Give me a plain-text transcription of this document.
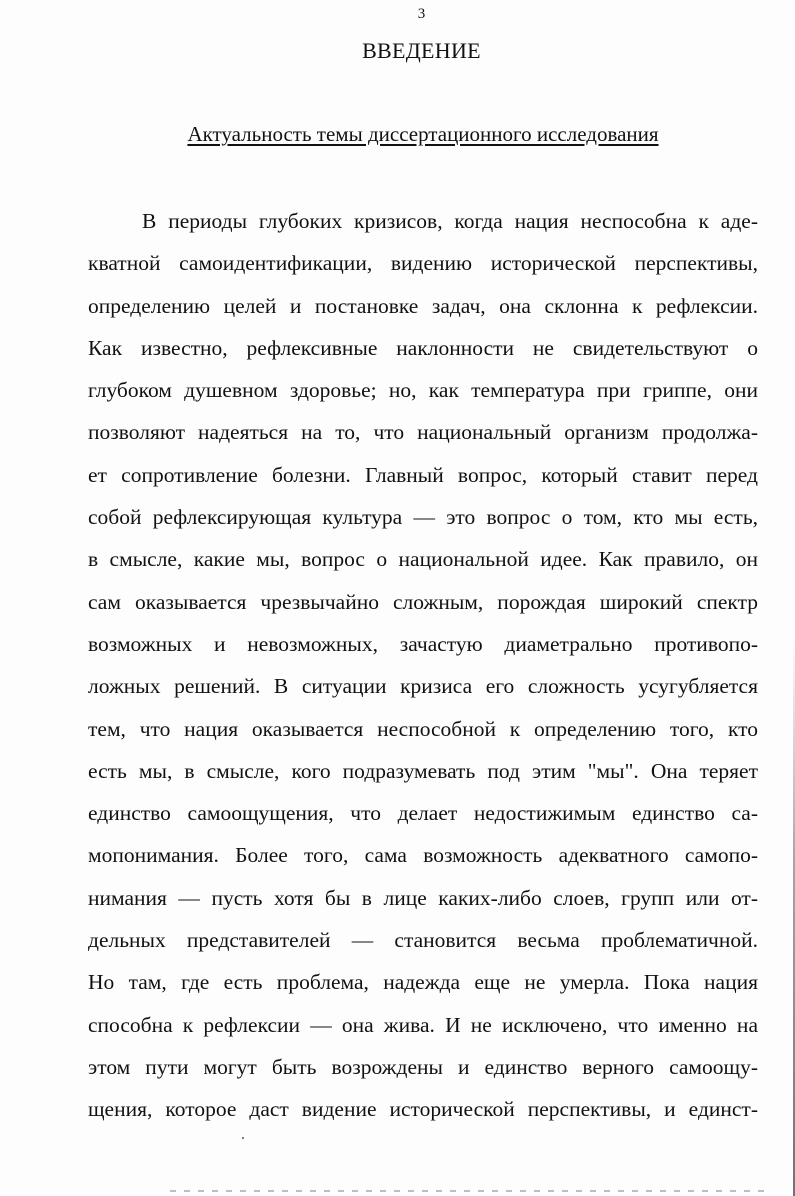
3
ВВЕДЕНИЕ
Актуальность темы диссертационного исследования
В периоды глубоких кризисов, когда нация неспособна к аде-
кватной самоидентификации, видению исторической перспективы,
определению целей и постановке задач, она склонна к рефлексии.
Как известно, рефлексивные наклонности не свидетельствуют о
глубоком душевном здоровье; но, как температура при гриппе, они
позволяют надеяться на то, что национальный организм продолжа-
ет сопротивление болезни. Главный вопрос, который ставит перед
собой рефлексирующая культура — это вопрос о том, кто мы есть,
в смысле, какие мы, вопрос о национальной идее. Как правило, он
сам оказывается чрезвычайно сложным, порождая широкий спектр
возможных и невозможных, зачастую диаметрально противопо-
ложных решений. В ситуации кризиса его сложность усугубляется
тем, что нация оказывается неспособной к определению того, кто
есть мы, в смысле, кого подразумевать под этим "мы". Она теряет
единство самоощущения, что делает недостижимым единство са-
мопонимания. Более того, сама возможность адекватного самопо-
нимания — пусть хотя бы в лице каких-либо слоев, групп или от-
дельных представителей — становится весьма проблематичной.
Но там, где есть проблема, надежда еще не умерла. Пока нация
способна к рефлексии — она жива. И не исключено, что именно на
этом пути могут быть возрождены и единство верного самоощу-
щения, которое даст видение исторической перспективы, и единст-
